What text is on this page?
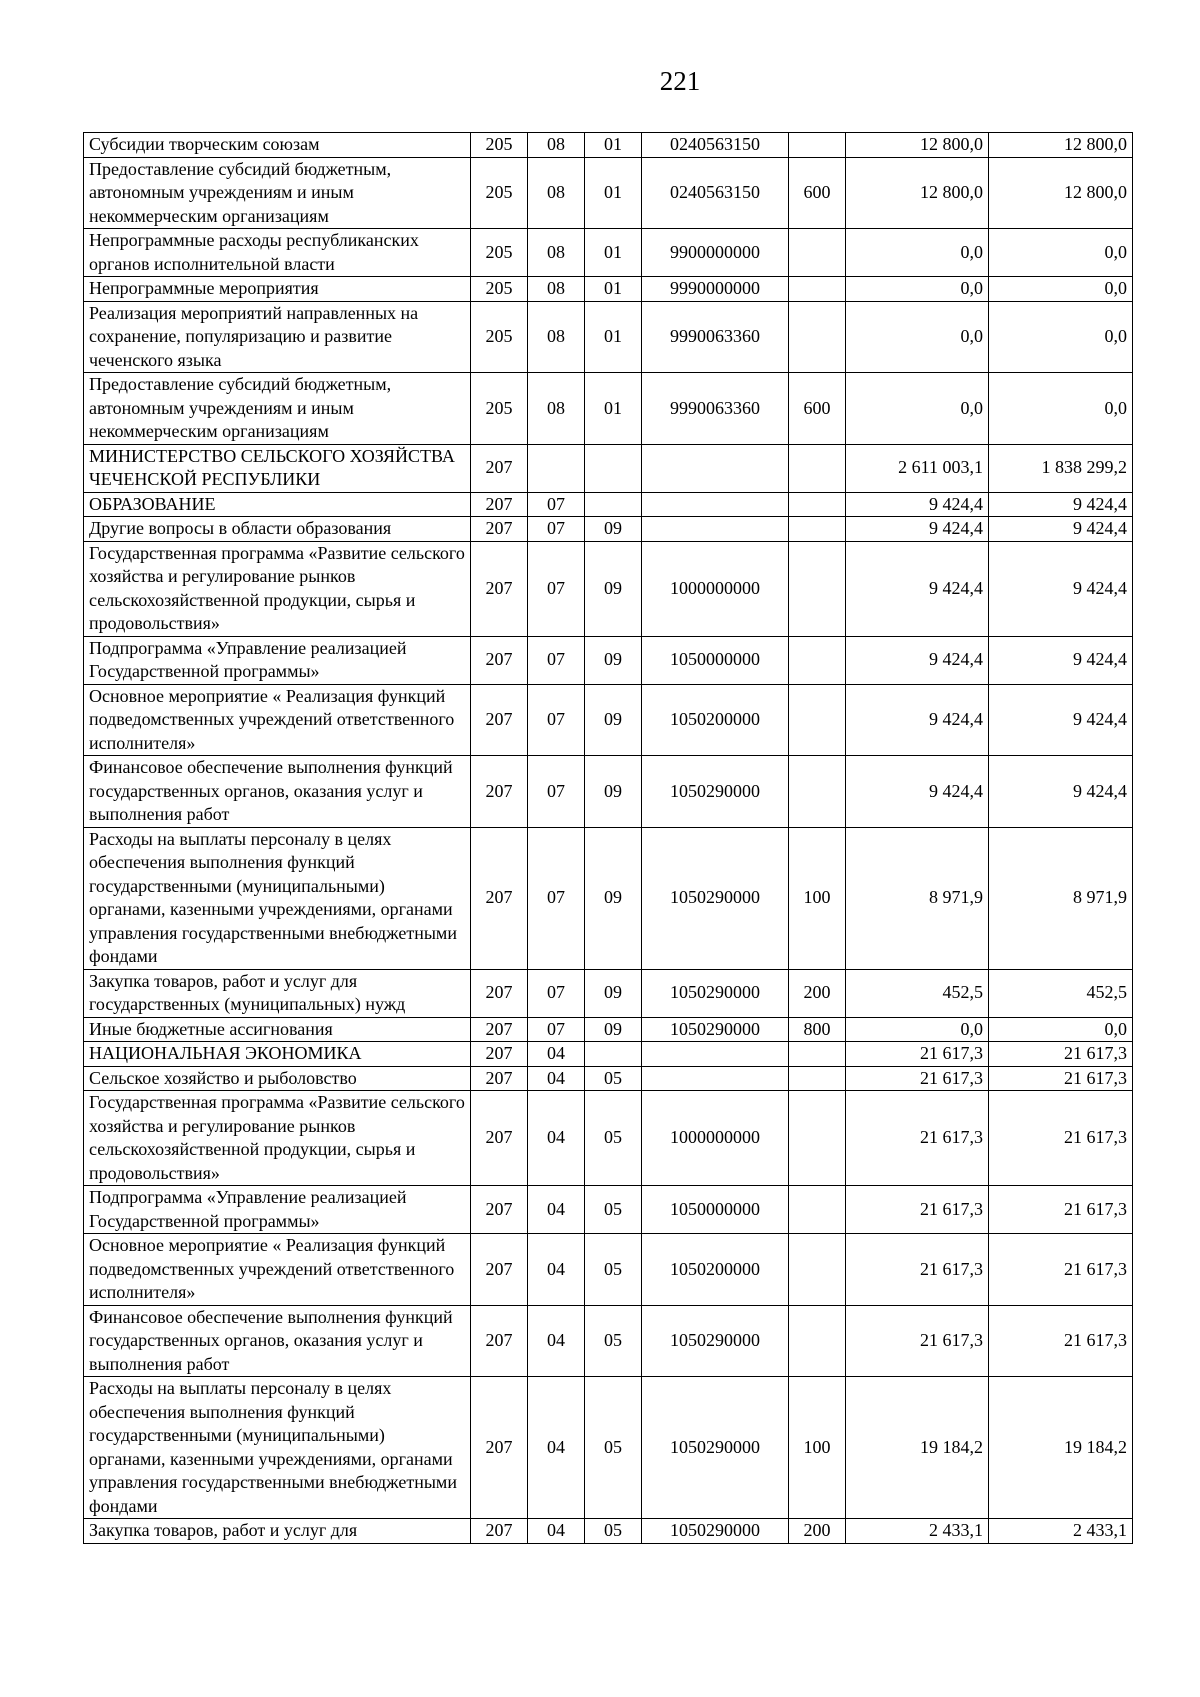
221
Субсидии творческим союзам	205	08	01	0240563150		12 800,0	12 800,0
Предоставление субсидий бюджетным, автономным учреждениям и иным некоммерческим организациям	205	08	01	0240563150	600	12 800,0	12 800,0
Непрограммные расходы республиканских органов исполнительной власти	205	08	01	9900000000		0,0	0,0
Непрограммные мероприятия	205	08	01	9990000000		0,0	0,0
Реализация мероприятий направленных на сохранение, популяризацию и развитие чеченского языка	205	08	01	9990063360		0,0	0,0
Предоставление субсидий бюджетным, автономным учреждениям и иным некоммерческим организациям	205	08	01	9990063360	600	0,0	0,0
МИНИСТЕРСТВО СЕЛЬСКОГО ХОЗЯЙСТВА ЧЕЧЕНСКОЙ РЕСПУБЛИКИ	207					2 611 003,1	1 838 299,2
ОБРАЗОВАНИЕ	207	07				9 424,4	9 424,4
Другие вопросы в области образования	207	07	09			9 424,4	9 424,4
Государственная программа «Развитие сельского хозяйства и регулирование рынков сельскохозяйственной продукции, сырья и продовольствия»	207	07	09	1000000000		9 424,4	9 424,4
Подпрограмма «Управление реализацией Государственной программы»	207	07	09	1050000000		9 424,4	9 424,4
Основное мероприятие « Реализация функций подведомственных учреждений ответственного исполнителя»	207	07	09	1050200000		9 424,4	9 424,4
Финансовое обеспечение выполнения функций государственных органов, оказания услуг и выполнения работ	207	07	09	1050290000		9 424,4	9 424,4
Расходы на выплаты персоналу в целях обеспечения выполнения функций государственными (муниципальными) органами, казенными учреждениями, органами управления государственными внебюджетными фондами	207	07	09	1050290000	100	8 971,9	8 971,9
Закупка товаров, работ и услуг для государственных (муниципальных) нужд	207	07	09	1050290000	200	452,5	452,5
Иные бюджетные ассигнования	207	07	09	1050290000	800	0,0	0,0
НАЦИОНАЛЬНАЯ ЭКОНОМИКА	207	04				21 617,3	21 617,3
Сельское хозяйство и рыболовство	207	04	05			21 617,3	21 617,3
Государственная программа «Развитие сельского хозяйства и регулирование рынков сельскохозяйственной продукции, сырья и продовольствия»	207	04	05	1000000000		21 617,3	21 617,3
Подпрограмма «Управление реализацией Государственной программы»	207	04	05	1050000000		21 617,3	21 617,3
Основное мероприятие « Реализация функций подведомственных учреждений ответственного исполнителя»	207	04	05	1050200000		21 617,3	21 617,3
Финансовое обеспечение выполнения функций государственных органов, оказания услуг и выполнения работ	207	04	05	1050290000		21 617,3	21 617,3
Расходы на выплаты персоналу в целях обеспечения выполнения функций государственными (муниципальными) органами, казенными учреждениями, органами управления государственными внебюджетными фондами	207	04	05	1050290000	100	19 184,2	19 184,2
Закупка товаров, работ и услуг для	207	04	05	1050290000	200	2 433,1	2 433,1
